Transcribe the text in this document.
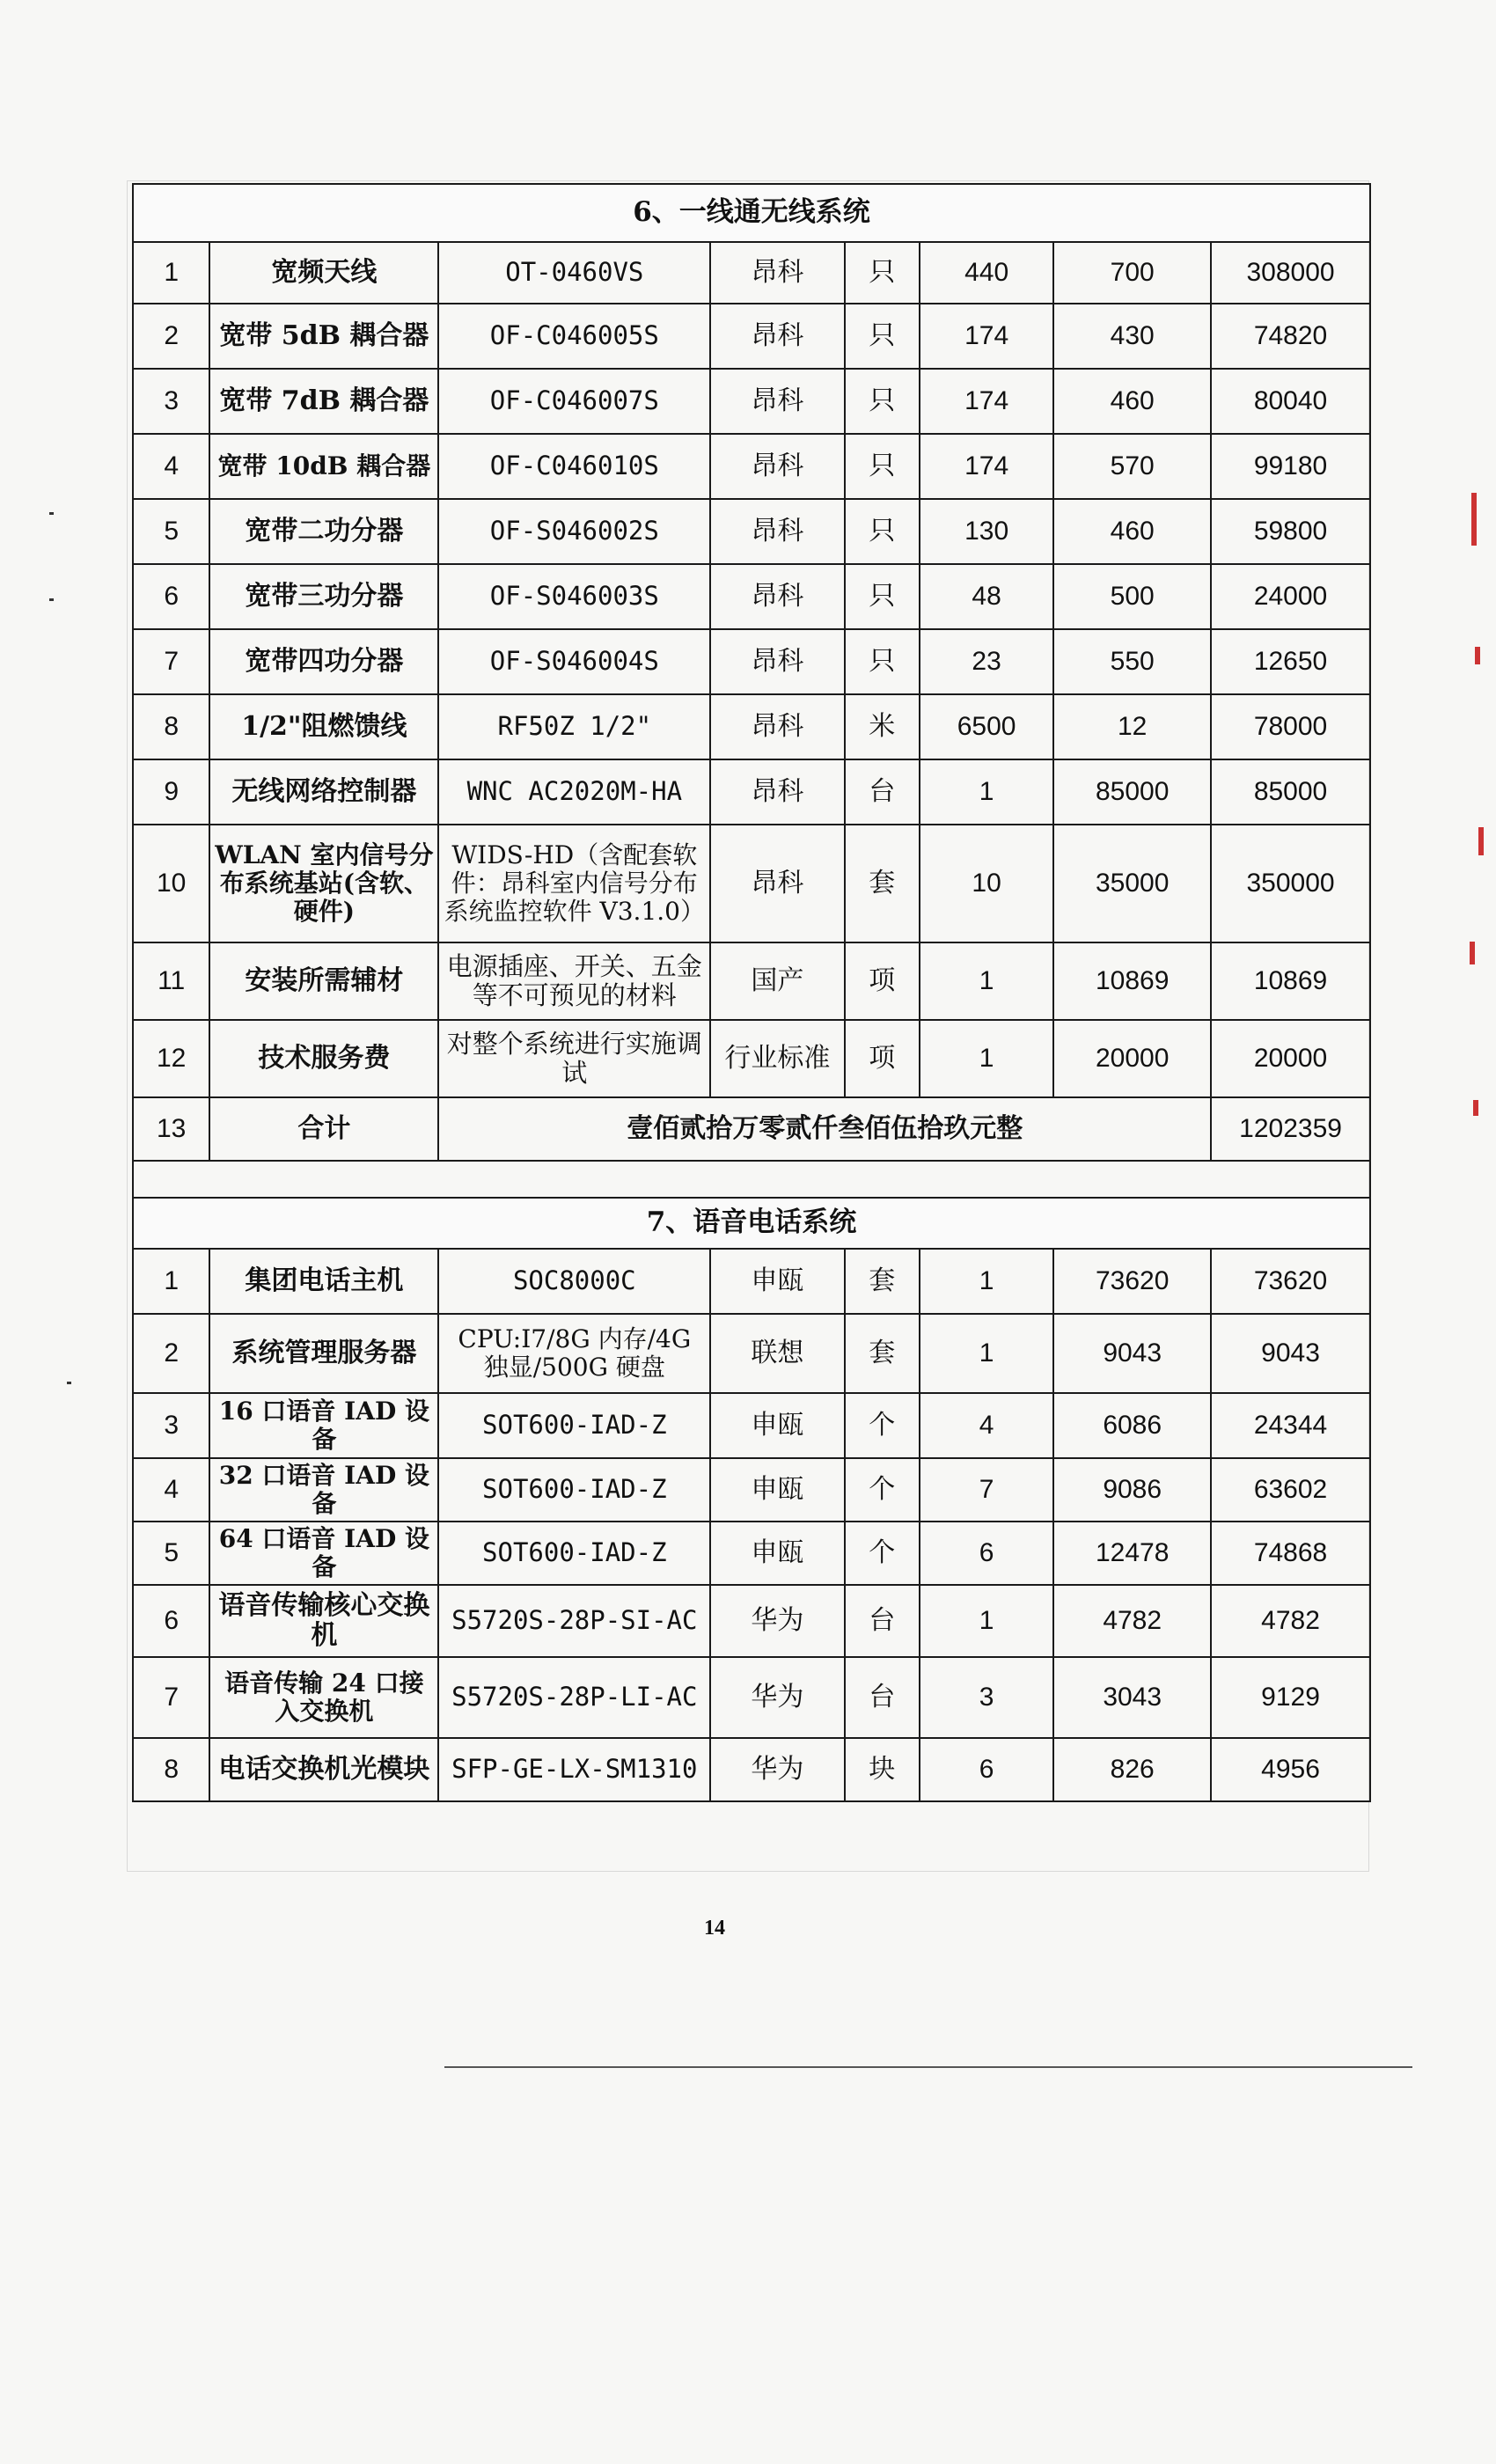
6、一线通无线系统							
1	宽频天线	OT-0460VS	昂科	只	440	700	308000
2	宽带 5dB 耦合器	OF-C046005S	昂科	只	174	430	74820
3	宽带 7dB 耦合器	OF-C046007S	昂科	只	174	460	80040
4	宽带 10dB 耦合器	OF-C046010S	昂科	只	174	570	99180
5	宽带二功分器	OF-S046002S	昂科	只	130	460	59800
6	宽带三功分器	OF-S046003S	昂科	只	48	500	24000
7	宽带四功分器	OF-S046004S	昂科	只	23	550	12650
8	1/2"阻燃馈线	RF50Z 1/2"	昂科	米	6500	12	78000
9	无线网络控制器	WNC AC2020M-HA	昂科	台	1	85000	85000
10	WLAN 室内信号分布系统基站(含软、硬件)	WIDS-HD（含配套软件：昂科室内信号分布系统监控软件 V3.1.0）	昂科	套	10	35000	350000
11	安装所需辅材	电源插座、开关、五金等不可预见的材料	国产	项	1	10869	10869
12	技术服务费	对整个系统进行实施调试	行业标准	项	1	20000	20000
13	合计	壹佰贰拾万零贰仟叁佰伍拾玖元整					1202359

7、语音电话系统							
1	集团电话主机	SOC8000C	申瓯	套	1	73620	73620
2	系统管理服务器	CPU:I7/8G 内存/4G 独显/500G 硬盘	联想	套	1	9043	9043
3	16 口语音 IAD 设备	SOT600-IAD-Z	申瓯	个	4	6086	24344
4	32 口语音 IAD 设备	SOT600-IAD-Z	申瓯	个	7	9086	63602
5	64 口语音 IAD 设备	SOT600-IAD-Z	申瓯	个	6	12478	74868
6	语音传输核心交换机	S5720S-28P-SI-AC	华为	台	1	4782	4782
7	语音传输 24 口接入交换机	S5720S-28P-LI-AC	华为	台	3	3043	9129
8	电话交换机光模块	SFP-GE-LX-SM1310	华为	块	6	826	4956
14
